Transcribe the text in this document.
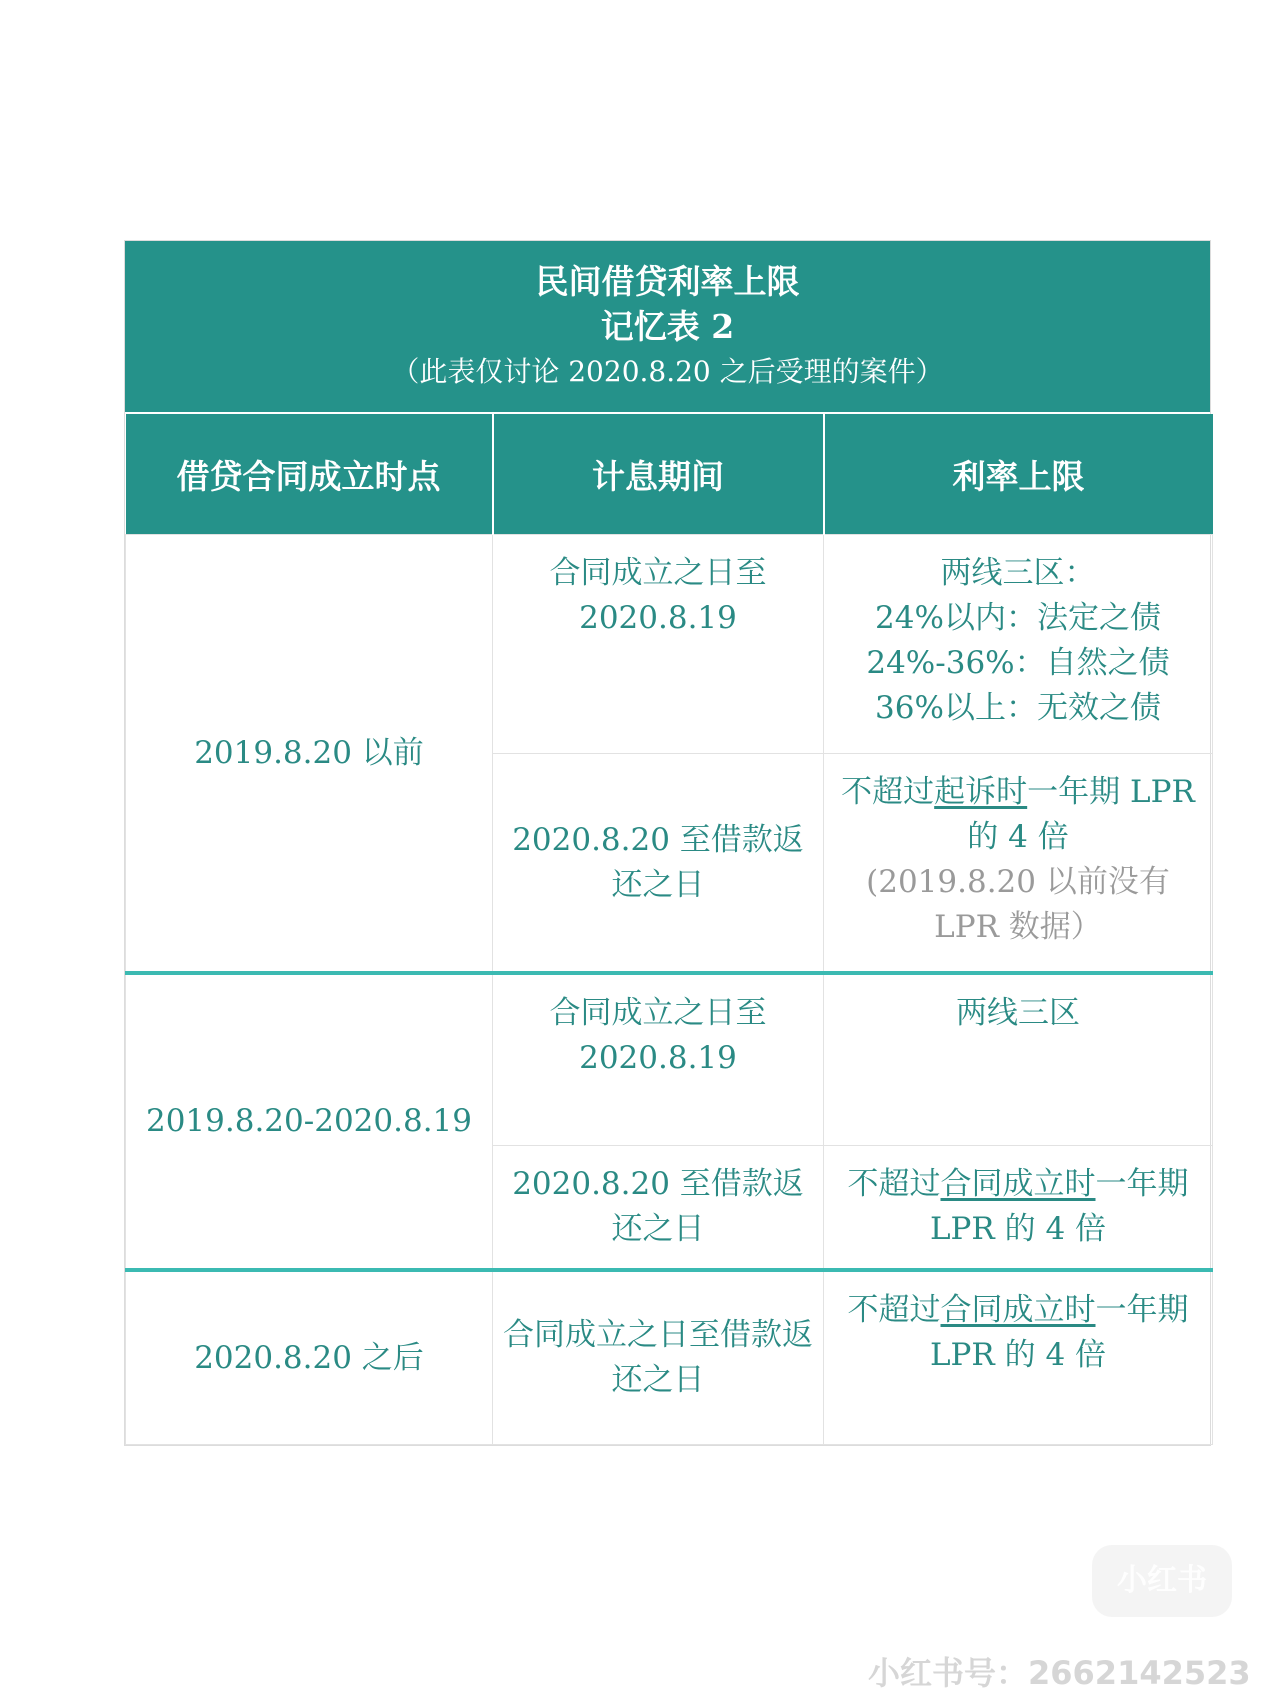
民间借贷利率上限
记忆表 2
（此表仅讨论 2020.8.20 之后受理的案件）
借贷合同成立时点	计息期间	利率上限
2019.8.20 以前	合同成立之日至 2020.8.19	两线三区：
24%以内：法定之债
24%-36%：自然之债
36%以上：无效之债

	2020.8.20 至借款返还之日	不超过起诉时一年期 LPR 的 4 倍
(2019.8.20 以前没有 LPR 数据）

2019.8.20-2020.8.19	合同成立之日至 2020.8.19	两线三区
	2020.8.20 至借款返还之日	不超过合同成立时一年期 LPR 的 4 倍
2020.8.20 之后	合同成立之日至借款返还之日	不超过合同成立时一年期 LPR 的 4 倍
小红书
小红书号：2662142523
